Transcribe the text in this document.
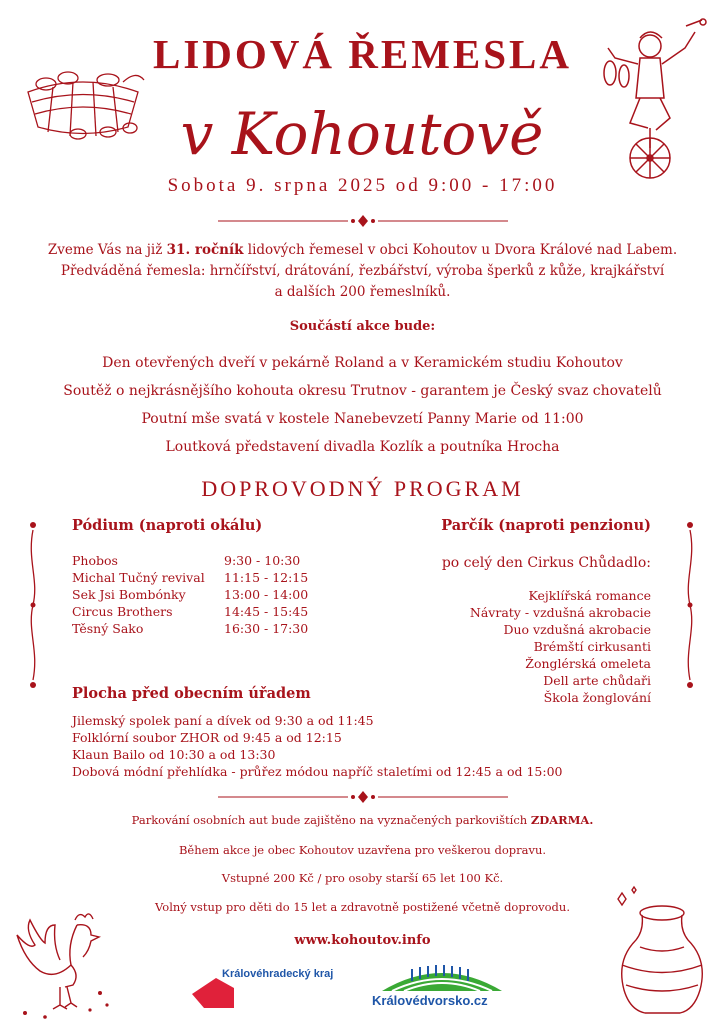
LIDOVÁ ŘEMESLA
v Kohoutově
Sobota 9. srpna 2025 od 9:00 - 17:00
Zveme Vás na již 31. ročník lidových řemesel v obci Kohoutov u Dvora Králové nad Labem.
Předváděná řemesla: hrnčířství, drátování, řezbářství, výroba šperků z kůže, krajkářství
a dalších 200 řemeslníků.
Součástí akce bude:
Den otevřených dveří v pekárně Roland a v Keramickém studiu Kohoutov
Soutěž o nejkrásnějšího kohouta okresu Trutnov - garantem je Český svaz chovatelů
Poutní mše svatá v kostele Nanebevzetí Panny Marie od 11:00
Loutková představení divadla Kozlík a poutníka Hrocha
DOPROVODNÝ PROGRAM
Pódium (naproti okálu)
Phobos	9:30 - 10:30
Michal Tučný revival 11:15 - 12:15
Sek Jsi Bombónky	13:00 - 14:00
Circus Brothers	14:45 - 15:45
Těsný Sako	16:30 - 17:30
Parčík (naproti penzionu)
po celý den Cirkus Chůdadlo:
Kejklířská romance
Návraty - vzdušná akrobacie
Duo vzdušná akrobacie
Brémští cirkusanti
Žonglérská omeleta
Dell arte chůdaři
Škola žonglování
Plocha před obecním úřadem
Jilemský spolek paní a dívek od 9:30 a od 11:45
Folklórní soubor ZHOR od 9:45 a od 12:15
Klaun Bailo od 10:30 a od 13:30
Dobová módní přehlídka - průřez módou napříč staletími od 12:45 a od 15:00
Parkování osobních aut bude zajištěno na vyznačených parkovištích ZDARMA.
Během akce je obec Kohoutov uzavřena pro veškerou dopravu.
Vstupné 200 Kč / pro osoby starší 65 let 100 Kč.
Volný vstup pro děti do 15 let a zdravotně postižené včetně doprovodu.
www.kohoutov.info
Královéhradecký kraj
Královédvorsko.cz
